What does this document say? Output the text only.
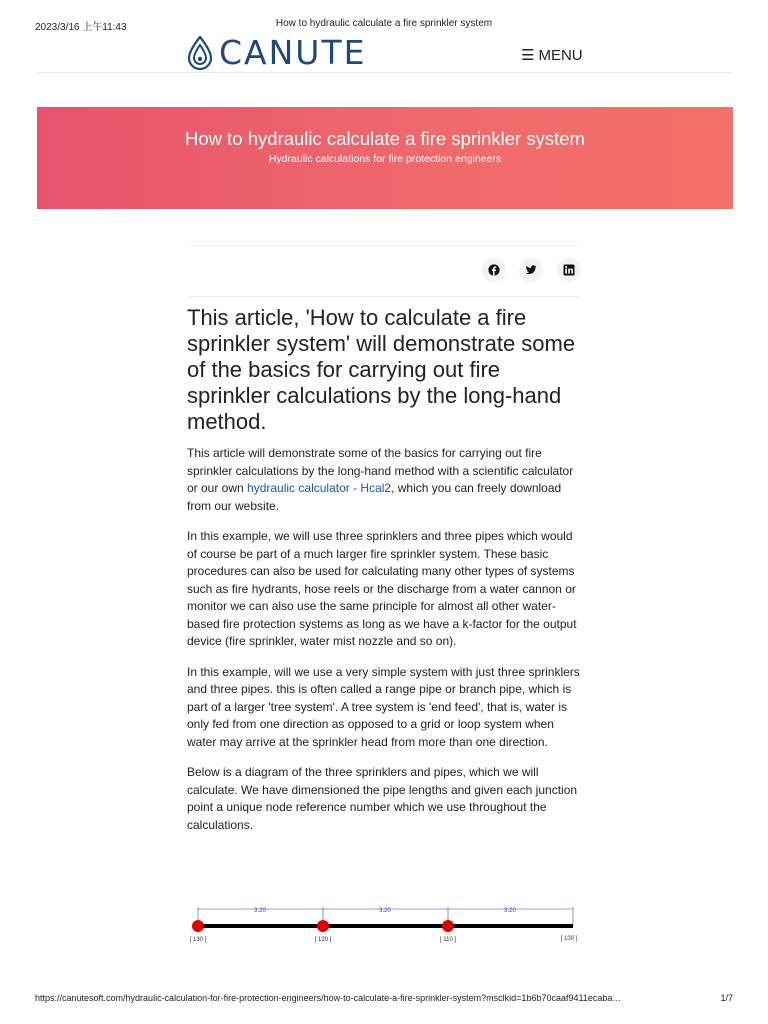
2023/3/16 上午11:43	How to hydraulic calculate a fire sprinkler system
CANUTE	☰ MENU
How to hydraulic calculate a fire sprinkler system
Hydraulic calculations for fire protection engineers
This article, 'How to calculate a fire sprinkler system' will demonstrate some of the basics for carrying out fire sprinkler calculations by the long-hand method.

This article will demonstrate some of the basics for carrying out fire sprinkler calculations by the long-hand method with a scientific calculator or our own hydraulic calculator - Hcal2, which you can freely download from our website.

In this example, we will use three sprinklers and three pipes which would of course be part of a much larger fire sprinkler system. These basic procedures can also be used for calculating many other types of systems such as fire hydrants, hose reels or the discharge from a water cannon or monitor we can also use the same principle for almost all other water-based fire protection systems as long as we have a k-factor for the output device (fire sprinkler, water mist nozzle and so on).

In this example, will we use a very simple system with just three sprinklers and three pipes. this is often called a range pipe or branch pipe, which is part of a larger 'tree system'. A tree system is 'end feed', that is, water is only fed from one direction as opposed to a grid or loop system when water may arrive at the sprinkler head from more than one direction.

Below is a diagram of the three sprinklers and pipes, which we will calculate. We have dimensioned the pipe lengths and given each junction point a unique node reference number which we use throughout the calculations.

3.20	3.20	3.20
[ 130 ]	[ 120 ]	[ 110 ]	[ 100 ]
https://canutesoft.com/hydraulic-calculation-for-fire-protection-engineers/how-to-calculate-a-fire-sprinkler-system?msclkid=1b6b70caaf9411ecaba…	1/7
